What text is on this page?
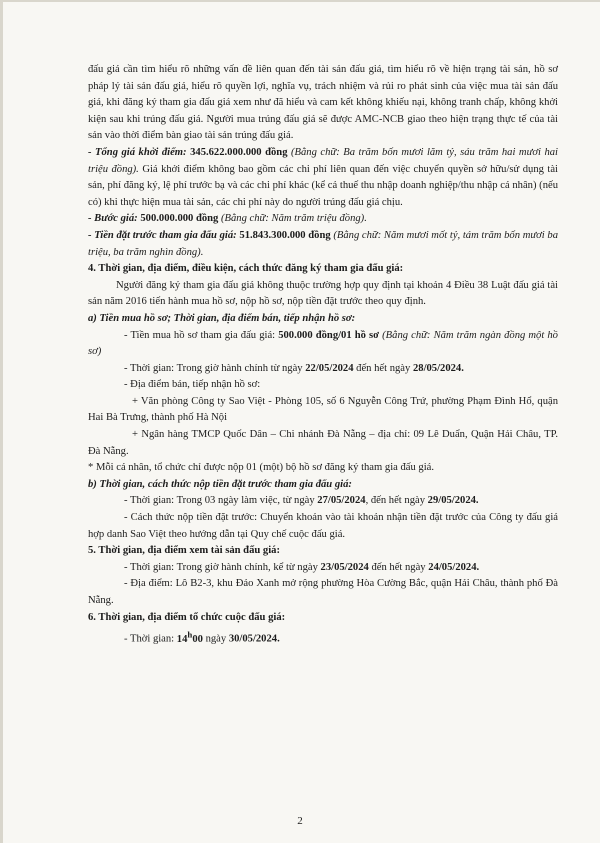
đấu giá cần tìm hiểu rõ những vấn đề liên quan đến tài sản đấu giá, tìm hiểu rõ về hiện trạng tài sản, hồ sơ pháp lý tài sản đấu giá, hiểu rõ quyền lợi, nghĩa vụ, trách nhiệm và rủi ro phát sinh của việc mua tài sản đấu giá, khi đăng ký tham gia đấu giá xem như đã hiểu và cam kết không khiếu nại, không tranh chấp, không khởi kiện sau khi trúng đấu giá. Người mua trúng đấu giá sẽ được AMC-NCB giao theo hiện trạng thực tế của tài sản vào thời điểm bàn giao tài sản trúng đấu giá.

- Tổng giá khởi điểm: 345.622.000.000 đồng (Bằng chữ: Ba trăm bốn mươi lăm tỷ, sáu trăm hai mươi hai triệu đồng). Giá khởi điểm không bao gồm các chi phí liên quan đến việc chuyển quyền sở hữu/sử dụng tài sản, phí đăng ký, lệ phí trước bạ và các chi phí khác (kể cả thuế thu nhập doanh nghiệp/thu nhập cá nhân) (nếu có) khi thực hiện mua tài sản, các chi phí này do người trúng đấu giá chịu.

- Bước giá: 500.000.000 đồng (Bằng chữ: Năm trăm triệu đồng).

- Tiền đặt trước tham gia đấu giá: 51.843.300.000 đồng (Bằng chữ: Năm mươi mốt tỷ, tám trăm bốn mươi ba triệu, ba trăm nghìn đồng).

4. Thời gian, địa điểm, điều kiện, cách thức đăng ký tham gia đấu giá:

Người đăng ký tham gia đấu giá không thuộc trường hợp quy định tại khoản 4 Điều 38 Luật đấu giá tài sản năm 2016 tiến hành mua hồ sơ, nộp hồ sơ, nộp tiền đặt trước theo quy định.

a) Tiền mua hồ sơ; Thời gian, địa điểm bán, tiếp nhận hồ sơ:

- Tiền mua hồ sơ tham gia đấu giá: 500.000 đồng/01 hồ sơ (Bằng chữ: Năm trăm ngàn đồng một hồ sơ)

- Thời gian: Trong giờ hành chính từ ngày 22/05/2024 đến hết ngày 28/05/2024.

- Địa điểm bán, tiếp nhận hồ sơ:

+ Văn phòng Công ty Sao Việt - Phòng 105, số 6 Nguyễn Công Trứ, phường Phạm Đình Hổ, quận Hai Bà Trưng, thành phố Hà Nội

+ Ngân hàng TMCP Quốc Dân – Chi nhánh Đà Nẵng – địa chỉ: 09 Lê Duẩn, Quận Hải Châu, TP. Đà Nẵng.

* Mỗi cá nhân, tổ chức chỉ được nộp 01 (một) bộ hồ sơ đăng ký tham gia đấu giá.

b) Thời gian, cách thức nộp tiền đặt trước tham gia đấu giá:

- Thời gian: Trong 03 ngày làm việc, từ ngày 27/05/2024, đến hết ngày 29/05/2024.

- Cách thức nộp tiền đặt trước: Chuyển khoản vào tài khoản nhận tiền đặt trước của Công ty đấu giá hợp danh Sao Việt theo hướng dẫn tại Quy chế cuộc đấu giá.

5. Thời gian, địa điểm xem tài sản đấu giá:

- Thời gian: Trong giờ hành chính, kể từ ngày 23/05/2024 đến hết ngày 24/05/2024.

- Địa điểm: Lô B2-3, khu Đảo Xanh mở rộng phường Hòa Cường Bắc, quận Hải Châu, thành phố Đà Nẵng.

6. Thời gian, địa điểm tổ chức cuộc đấu giá:

- Thời gian: 14$^h$00 ngày 30/05/2024.

2
